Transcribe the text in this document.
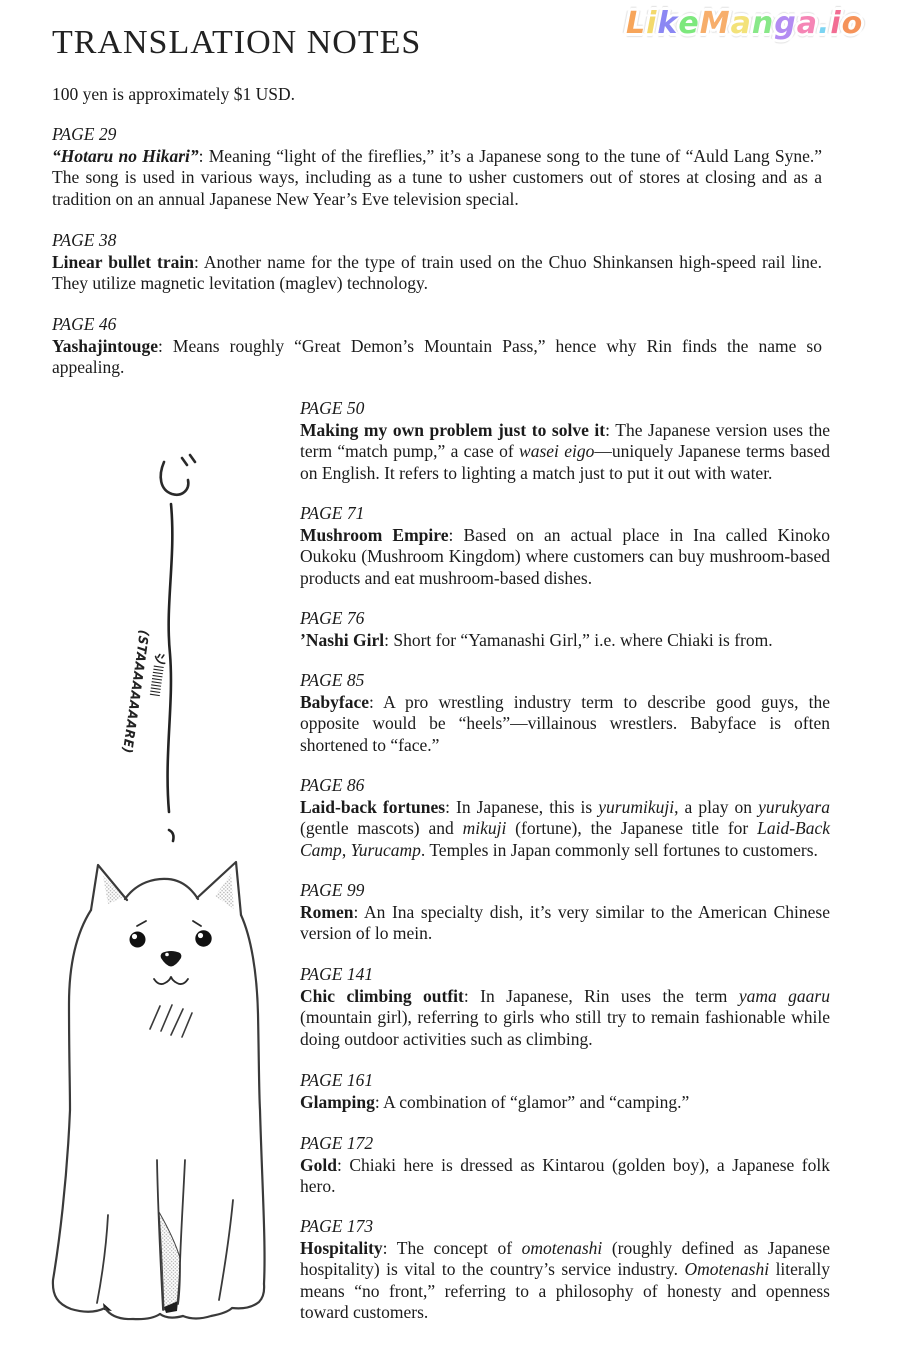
L i k e M a n g a . i o
TRANSLATION NOTES
100 yen is approximately $1 USD.
PAGE 29

“Hotaru no Hikari”: Meaning “light of the fireflies,” it’s a Japanese song to the tune of “Auld Lang Syne.” The song is used in various ways, including as a tune to usher customers out of stores at closing and as a tradition on an annual Japanese New Year’s Eve television special.

PAGE 38

Linear bullet train: Another name for the type of train used on the Chuo Shinkansen high-speed rail line. They utilize magnetic levitation (maglev) technology.

PAGE 46

Yashajintouge: Means roughly “Great Demon’s Mountain Pass,” hence why Rin finds the name so appealing.

PAGE 50

Making my own problem just to solve it: The Japanese version uses the term “match pump,” a case of wasei eigo—uniquely Japanese terms based on English. It refers to lighting a match just to put it out with water.

PAGE 71

Mushroom Empire: Based on an actual place in Ina called Kinoko Oukoku (Mushroom Kingdom) where customers can buy mushroom-based products and eat mushroom-based dishes.

PAGE 76

’Nashi Girl: Short for “Yamanashi Girl,” i.e. where Chiaki is from.

PAGE 85

Babyface: A pro wrestling industry term to describe good guys, the opposite would be “heels”—villainous wrestlers. Babyface is often shortened to “face.”

PAGE 86

Laid-back fortunes: In Japanese, this is yurumikuji, a play on yurukyara (gentle mascots) and mikuji (fortune), the Japanese title for Laid-Back Camp, Yurucamp. Temples in Japan commonly sell fortunes to customers.

PAGE 99

Romen: An Ina specialty dish, it’s very similar to the American Chinese version of lo mein.

PAGE 141

Chic climbing outfit: In Japanese, Rin uses the term yama gaaru (mountain girl), referring to girls who still try to remain fashionable while doing outdoor activities such as climbing.

PAGE 161

Glamping: A combination of “glamor” and “camping.”

PAGE 172

Gold: Chiaki here is dressed as Kintarou (golden boy), a Japanese folk hero.

PAGE 173

Hospitality: The concept of omotenashi (roughly defined as Japanese hospitality) is vital to the country’s service industry. Omotenashi literally means “no front,” referring to a philosophy of honesty and openness toward customers.

(STAAAAAAAARE)
||||||||||
